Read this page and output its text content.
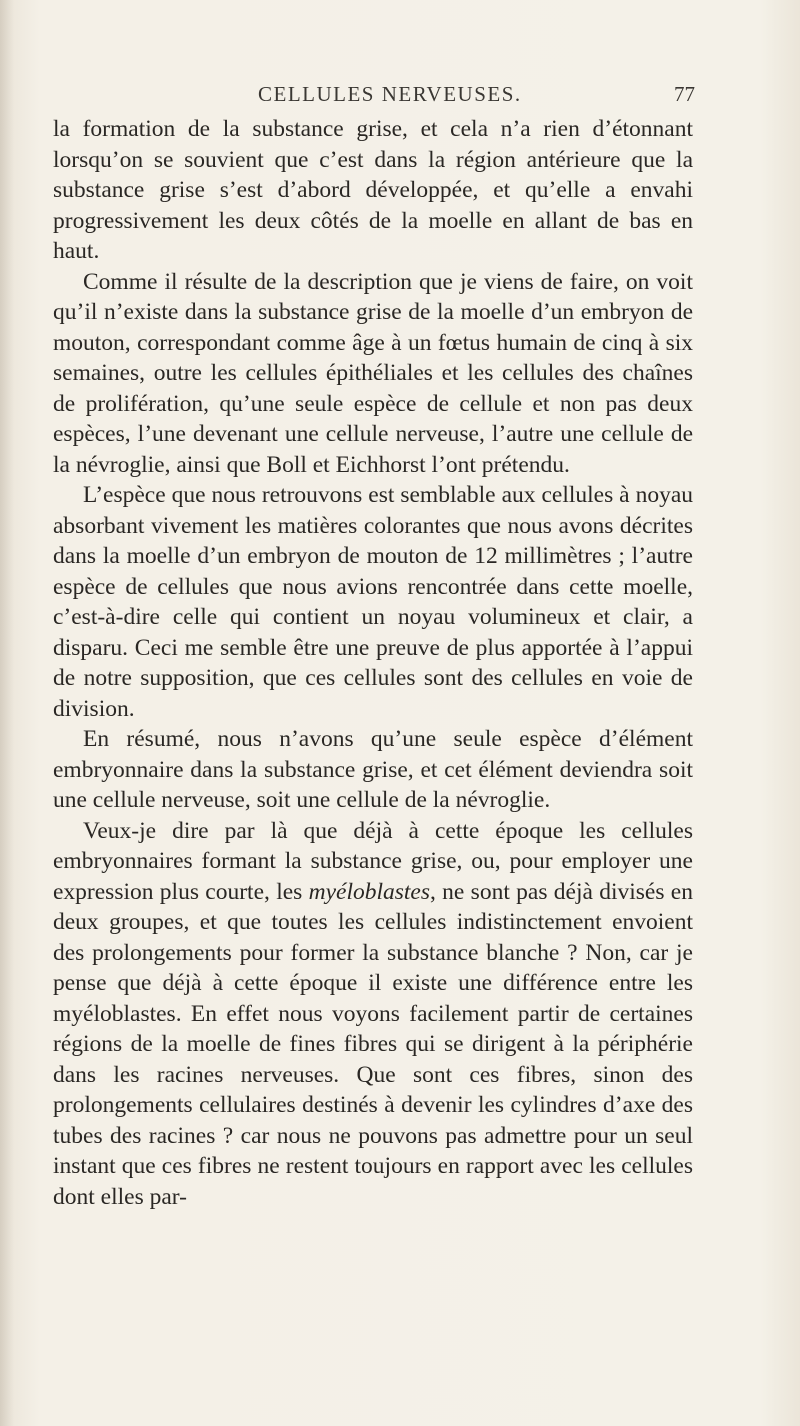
CELLULES NERVEUSES.	77

la formation de la substance grise, et cela n’a rien d’étonnant lorsqu’on se souvient que c’est dans la région antérieure que la substance grise s’est d’abord développée, et qu’elle a envahi progressivement les deux côtés de la moelle en allant de bas en haut.

Comme il résulte de la description que je viens de faire, on voit qu’il n’existe dans la substance grise de la moelle d’un embryon de mouton, correspondant comme âge à un fœtus humain de cinq à six semaines, outre les cellules épithéliales et les cellules des chaînes de prolifération, qu’une seule espèce de cellule et non pas deux espèces, l’une devenant une cellule nerveuse, l’autre une cellule de la névroglie, ainsi que Boll et Eichhorst l’ont prétendu.

L’espèce que nous retrouvons est semblable aux cellules à noyau absorbant vivement les matières colorantes que nous avons décrites dans la moelle d’un embryon de mouton de 12 millimètres ; l’autre espèce de cellules que nous avions rencontrée dans cette moelle, c’est-à-dire celle qui contient un noyau volumineux et clair, a disparu. Ceci me semble être une preuve de plus apportée à l’appui de notre supposition, que ces cellules sont des cellules en voie de division.

En résumé, nous n’avons qu’une seule espèce d’élément embryonnaire dans la substance grise, et cet élément deviendra soit une cellule nerveuse, soit une cellule de la névroglie.

Veux-je dire par là que déjà à cette époque les cellules embryonnaires formant la substance grise, ou, pour employer une expression plus courte, les myéloblastes, ne sont pas déjà divisés en deux groupes, et que toutes les cellules indistinctement envoient des prolongements pour former la substance blanche ? Non, car je pense que déjà à cette époque il existe une différence entre les myéloblastes. En effet nous voyons facilement partir de certaines régions de la moelle de fines fibres qui se dirigent à la périphérie dans les racines nerveuses. Que sont ces fibres, sinon des prolongements cellulaires destinés à devenir les cylindres d’axe des tubes des racines ? car nous ne pouvons pas admettre pour un seul instant que ces fibres ne restent toujours en rapport avec les cellules dont elles par-
